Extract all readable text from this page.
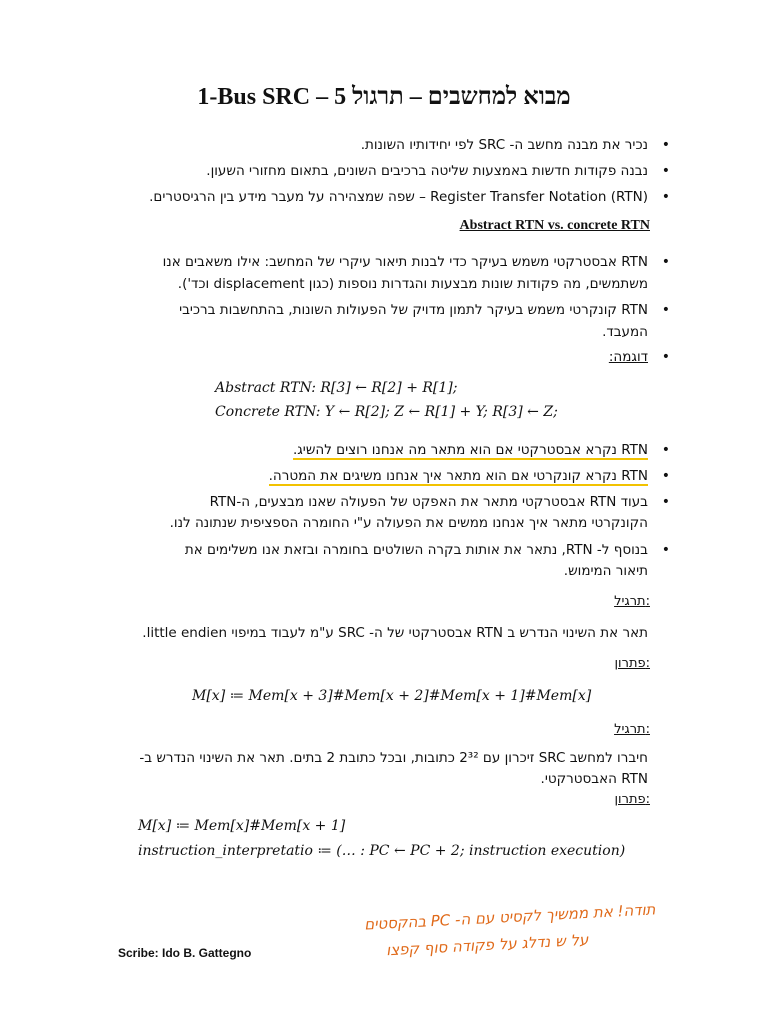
1-Bus SRC – 5 מבוא למחשבים – תרגול
• נכיר את מבנה מחשב ה- SRC לפי יחידותיו השונות.
• נבנה פקודות חדשות באמצעות שליטה ברכיבים השונים, בתאום מחזורי השעון.
• (RTN) Register Transfer Notation – שפה שמצהירה על מעבר מידע בין הרגיסטרים.
Abstract RTN vs. concrete RTN
• RTN אבסטרקטי משמש בעיקר כדי לבנות תיאור עיקרי של המחשב: אילו משאבים אנו
משתמשים, מה פקודות שונות מבצעות והגדרות נוספות (כגון displacement וכד').
• RTN קונקרטי משמש בעיקר לתמון מדויק של הפעולות השונות, בהתחשבות ברכיבי
המעבד.
• דוגמה:
Abstract RTN: R[3] ← R[2] + R[1];
Concrete RTN: Y ← R[2]; Z ← R[1] + Y; R[3] ← Z;
• RTN נקרא אבסטרקטי אם הוא מתאר מה אנחנו רוצים להשיג.
• RTN נקרא קונקרטי אם הוא מתאר איך אנחנו משיגים את המטרה.
• בעוד RTN אבסטרקטי מתאר את האפקט של הפעולה שאנו מבצעים, ה-RTN
הקונקרטי מתאר איך אנחנו ממשים את הפעולה ע"י החומרה הספציפית שנתונה לנו.
• בנוסף ל- RTN, נתאר את אותות בקרה השולטים בחומרה ובזאת אנו משלימים את
תיאור המימוש.
תרגיל:
תאר את השינוי הנדרש ב RTN אבסטרקטי של ה- SRC ע"מ לעבוד במיפוי little endien.
פתרון:
M[x] ≔ Mem[x + 3]#Mem[x + 2]#Mem[x + 1]#Mem[x]
תרגיל:
חיברו למחשב SRC זיכרון עם 2³² כתובות, ובכל כתובת 2 בתים. תאר את השינוי הנדרש ב-
RTN האבסטרקטי.
פתרון:
M[x] ≔ Mem[x]#Mem[x + 1]
instruction_interpretatio ≔ (… : PC ← PC + 2; instruction execution)
תודה! את ממשיך לקסיט עם ה- PC בהקסטים
על ש נדלג על פקודה סוף קפצו
Scribe: Ido B. Gattegno
